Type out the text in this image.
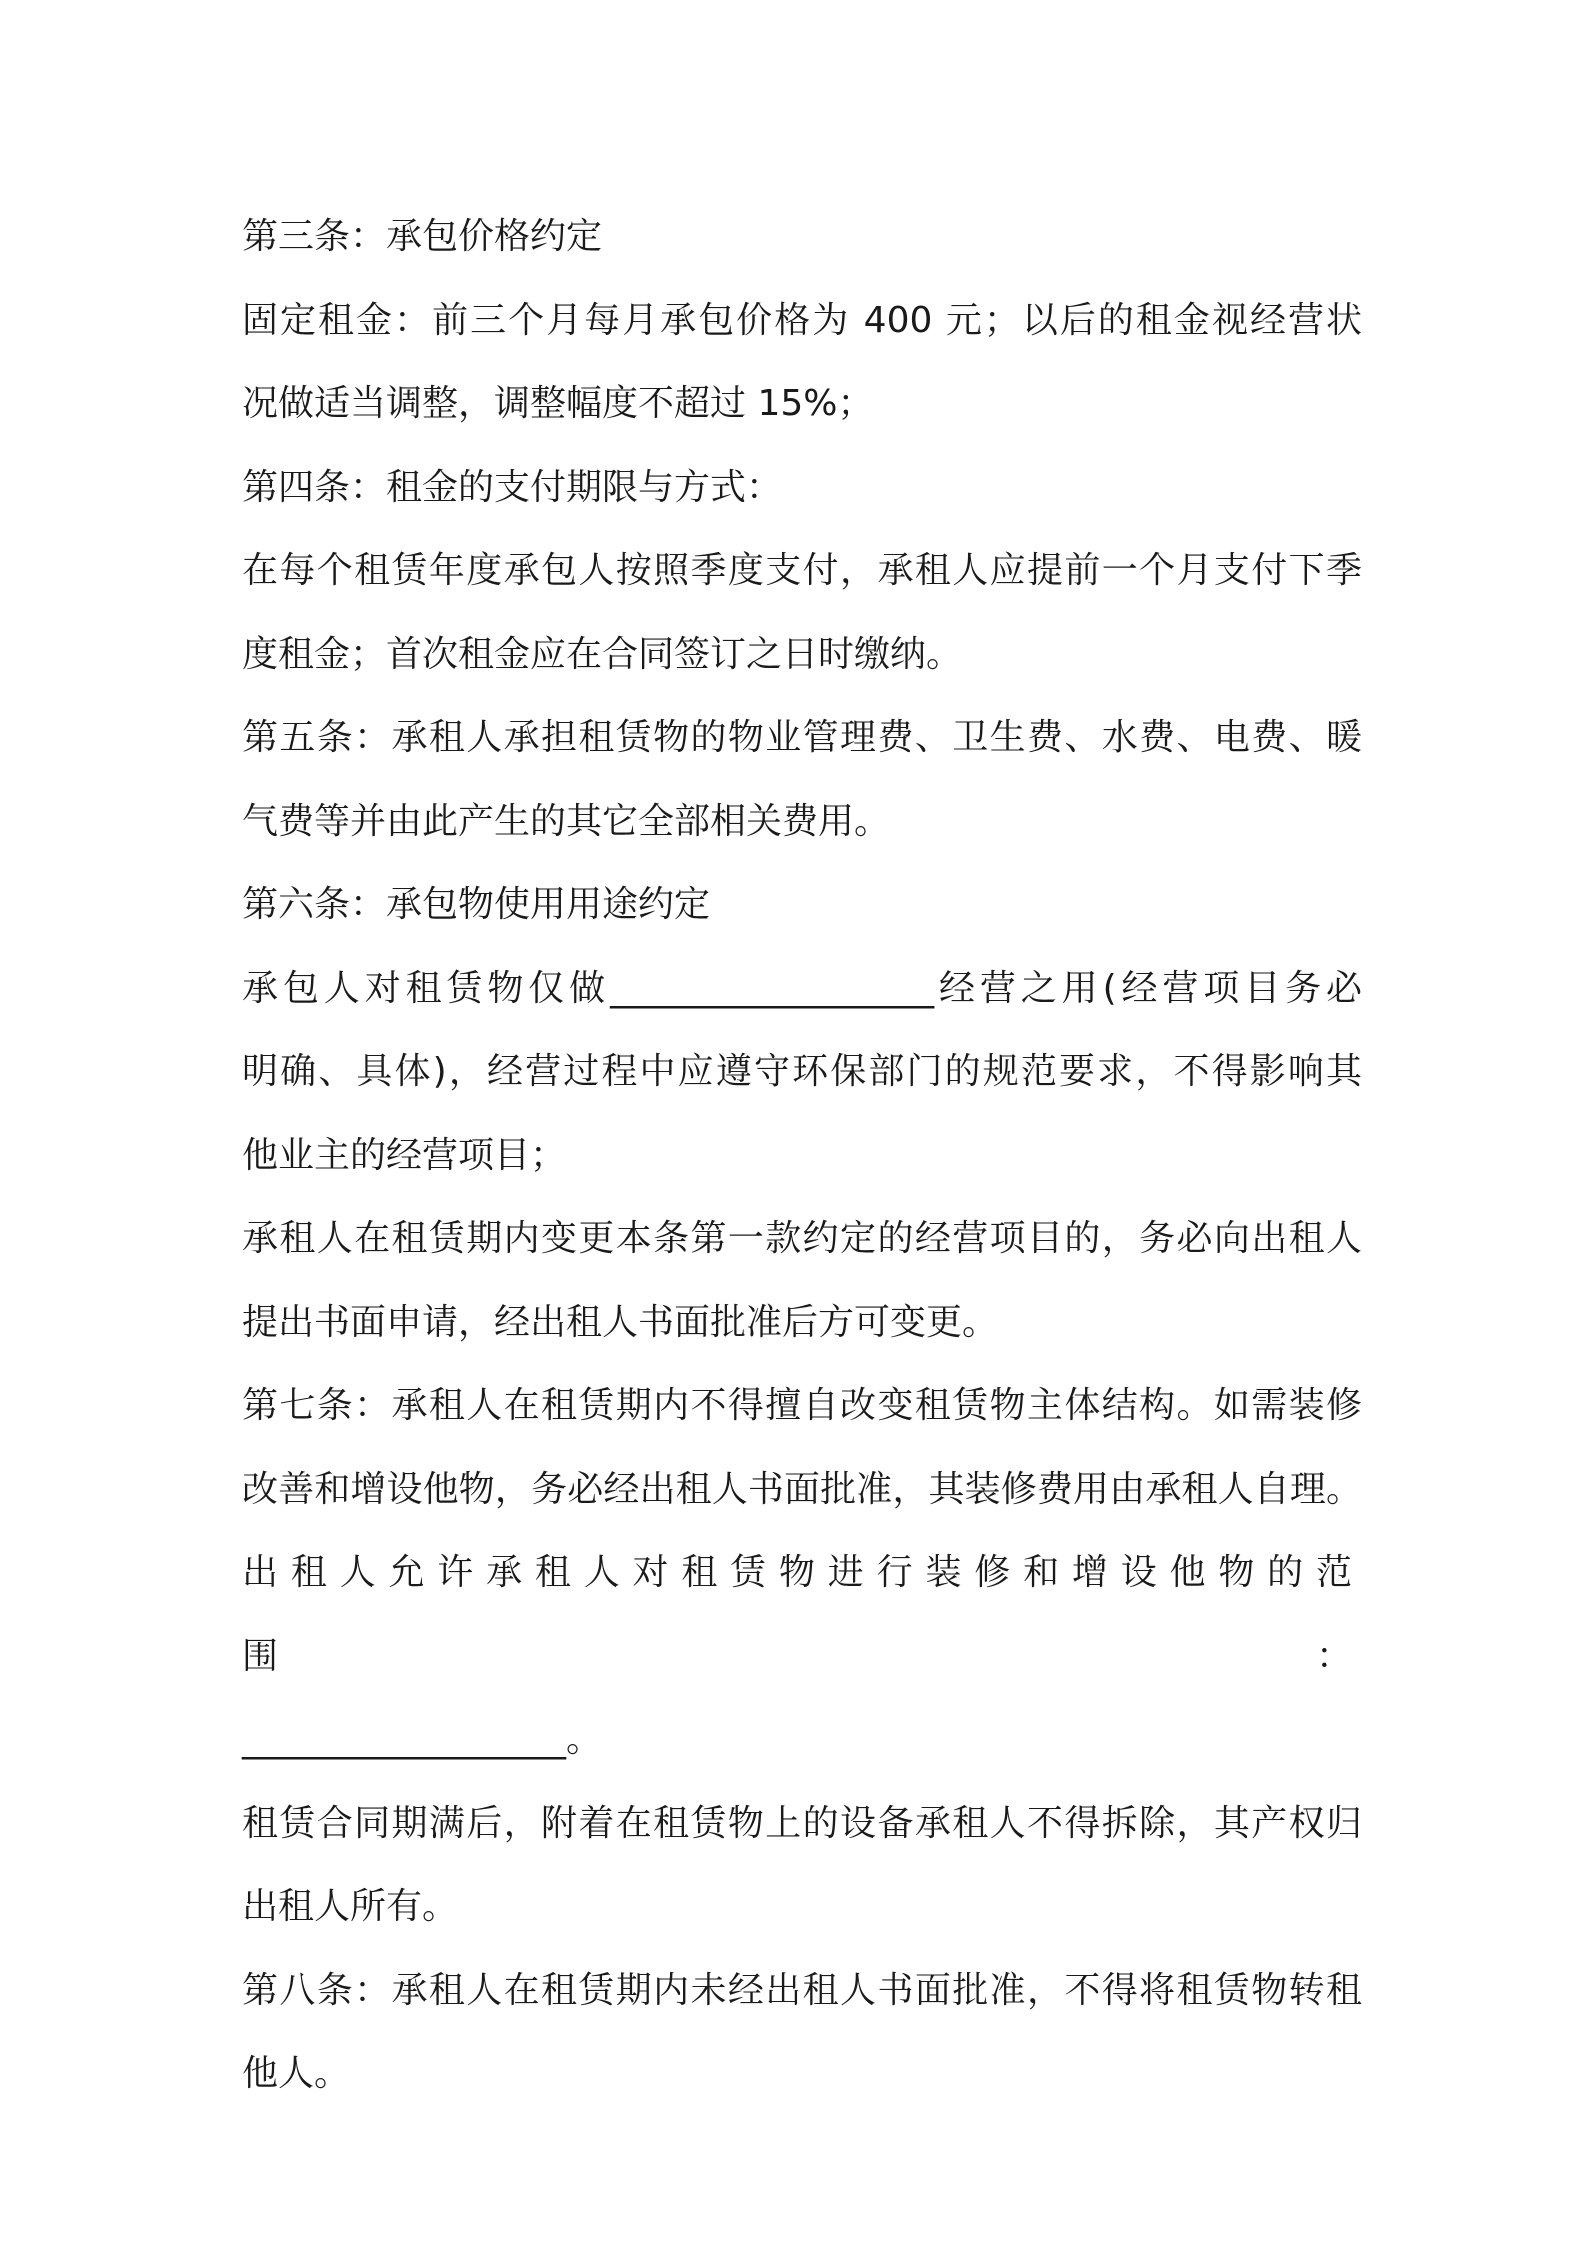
第三条：承包价格约定

固定租金：前三个月每月承包价格为 400 元；以后的租金视经营状

况做适当调整，调整幅度不超过 15%；

第四条：租金的支付期限与方式：

在每个租赁年度承包人按照季度支付，承租人应提前一个月支付下季

度租金；首次租金应在合同签订之日时缴纳。

第五条：承租人承担租赁物的物业管理费、卫生费、水费、电费、暖

气费等并由此产生的其它全部相关费用。

第六条：承包物使用用途约定

承包人对租赁物仅做__________________经营之用(经营项目务必

明确、具体)，经营过程中应遵守环保部门的规范要求，不得影响其

他业主的经营项目；

承租人在租赁期内变更本条第一款约定的经营项目的，务必向出租人

提出书面申请，经出租人书面批准后方可变更。

第七条：承租人在租赁期内不得擅自改变租赁物主体结构。如需装修

改善和增设他物，务必经出租人书面批准，其装修费用由承租人自理。

出租人允许承租人对租赁物进行装修和增设他物的范围：

__________________。

租赁合同期满后，附着在租赁物上的设备承租人不得拆除，其产权归

出租人所有。

第八条：承租人在租赁期内未经出租人书面批准，不得将租赁物转租

他人。
